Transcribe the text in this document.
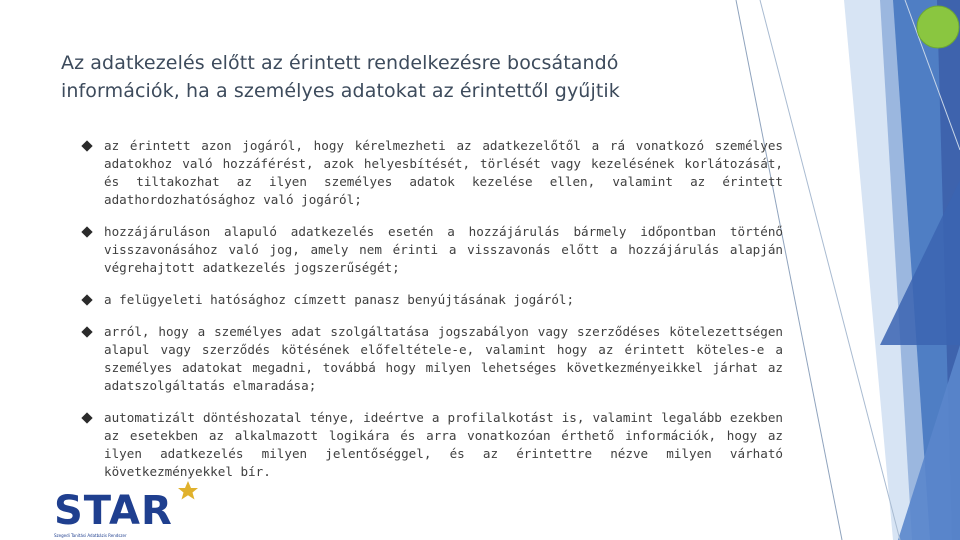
Az adatkezelés előtt az érintett rendelkezésre bocsátandó információk, ha a személyes adatokat az érintettől gyűjtik
az érintett azon jogáról, hogy kérelmezheti az adatkezelőtől a rá vonatkozó személyes adatokhoz való hozzáférést, azok helyesbítését, törlését vagy kezelésének korlátozását, és tiltakozhat az ilyen személyes adatok kezelése ellen, valamint az érintett adathordozhatósághoz való jogáról;
hozzájáruláson alapuló adatkezelés esetén a hozzájárulás bármely időpontban történő visszavonásához való jog, amely nem érinti a visszavonás előtt a hozzájárulás alapján végrehajtott adatkezelés jogszerűségét;
a felügyeleti hatósághoz címzett panasz benyújtásának jogáról;
arról, hogy a személyes adat szolgáltatása jogszabályon vagy szerződéses kötelezettségen alapul vagy szerződés kötésének előfeltétele-e, valamint hogy az érintett köteles-e a személyes adatokat megadni, továbbá hogy milyen lehetséges következményeikkel járhat az adatszolgáltatás elmaradása;
automatizált döntéshozatal ténye, ideértve a profilalkotást is, valamint legalább ezekben az esetekben az alkalmazott logikára és arra vonatkozóan érthető információk, hogy az ilyen adatkezelés milyen jelentőséggel, és az érintettre nézve milyen várható következményekkel bír.
STAR
Szegedi Tanítási Adatbázis Rendszer
